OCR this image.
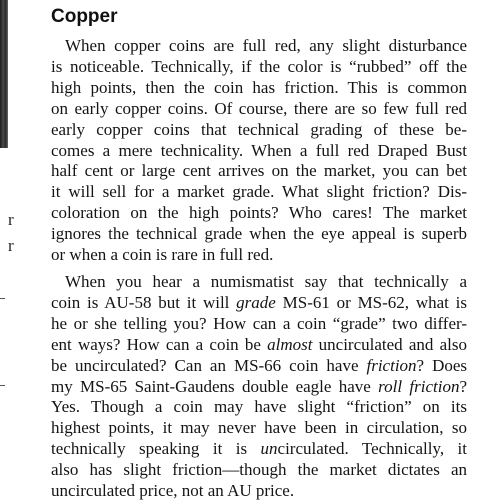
r
r
Copper
When copper coins are full red, any slight disturbance
is noticeable. Technically, if the color is “rubbed” off the
high points, then the coin has friction. This is common
on early copper coins. Of course, there are so few full red
early copper coins that technical grading of these be-
comes a mere technicality. When a full red Draped Bust
half cent or large cent arrives on the market, you can bet
it will sell for a market grade. What slight friction? Dis-
coloration on the high points? Who cares! The market
ignores the technical grade when the eye appeal is superb
or when a coin is rare in full red.
When you hear a numismatist say that technically a
coin is AU-58 but it will grade MS-61 or MS-62, what is
he or she telling you? How can a coin “grade” two differ-
ent ways? How can a coin be almost uncirculated and also
be uncirculated? Can an MS-66 coin have friction? Does
my MS-65 Saint-Gaudens double eagle have roll friction?
Yes. Though a coin may have slight “friction” on its
highest points, it may never have been in circulation, so
technically speaking it is uncirculated. Technically, it
also has slight friction—though the market dictates an
uncirculated price, not an AU price.
